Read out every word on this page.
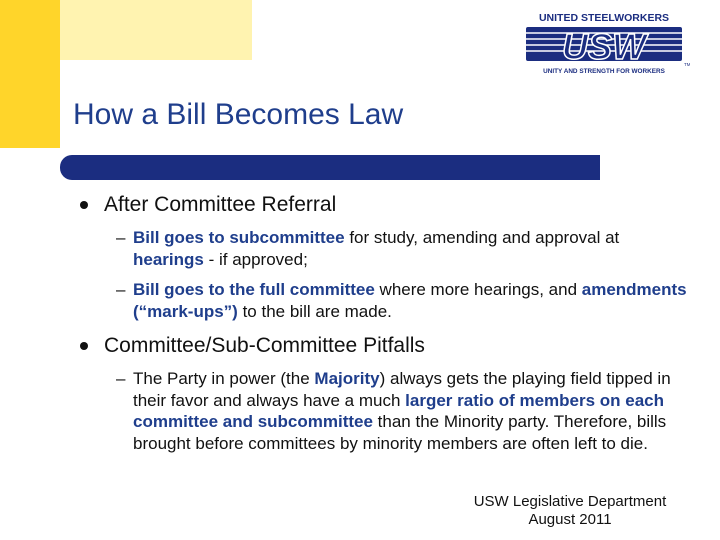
UNITED STEELWORKERS
USW
UNITY AND STRENGTH FOR WORKERS
TM
How a Bill Becomes Law
After Committee Referral
– Bill goes to subcommittee for study, amending and approval at hearings - if approved;
– Bill goes to the full committee where more hearings, and amendments (“mark-ups”) to the bill are made.
Committee/Sub-Committee Pitfalls
– The Party in power (the Majority) always gets the playing field tipped in their favor and always have a much larger ratio of members on each committee and subcommittee than the Minority party. Therefore, bills brought before committees by minority members are often left to die.
USW Legislative Department
August 2011
